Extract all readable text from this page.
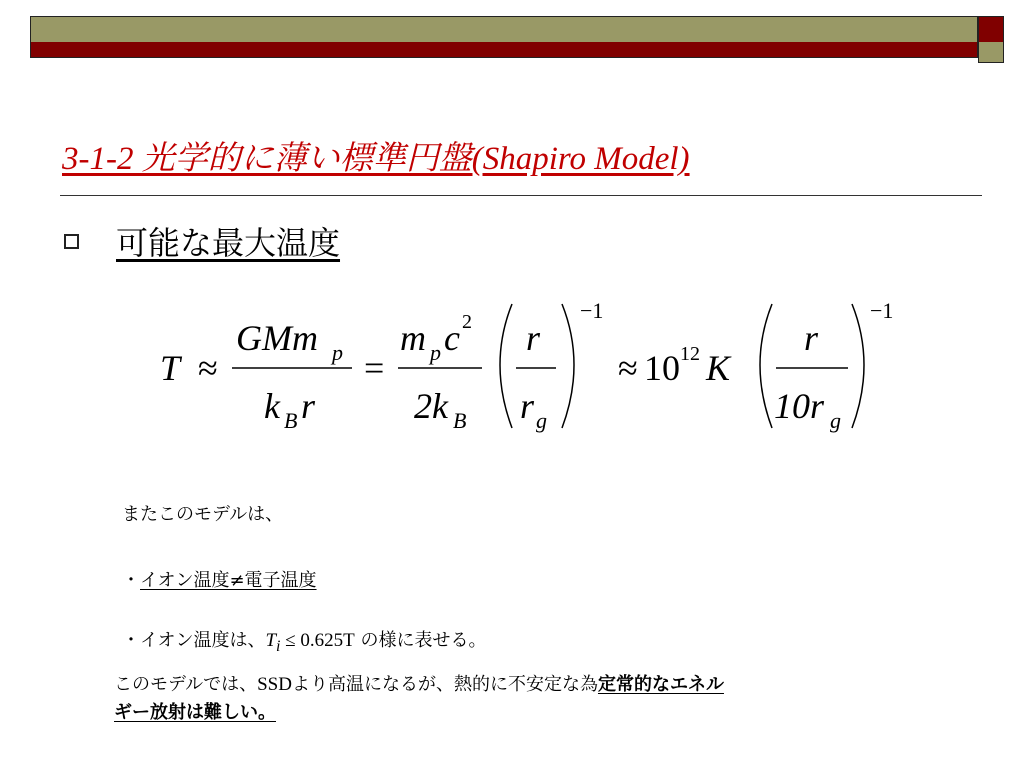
3-1-2 光学的に薄い標準円盤(Shapiro Model)
可能な最大温度
T ≈
GMm p
k B r
=
m p c 2
2k B
r
r g
−1
≈ 10 12 K
r
10r g
−1
またこのモデルは、
・イオン温度≠電子温度
・イオン温度は、$T_i \le 0.625T$ の様に表せる。
このモデルでは、SSDより高温になるが、熱的に不安定な為定常的なエネル
ギー放射は難しい。
